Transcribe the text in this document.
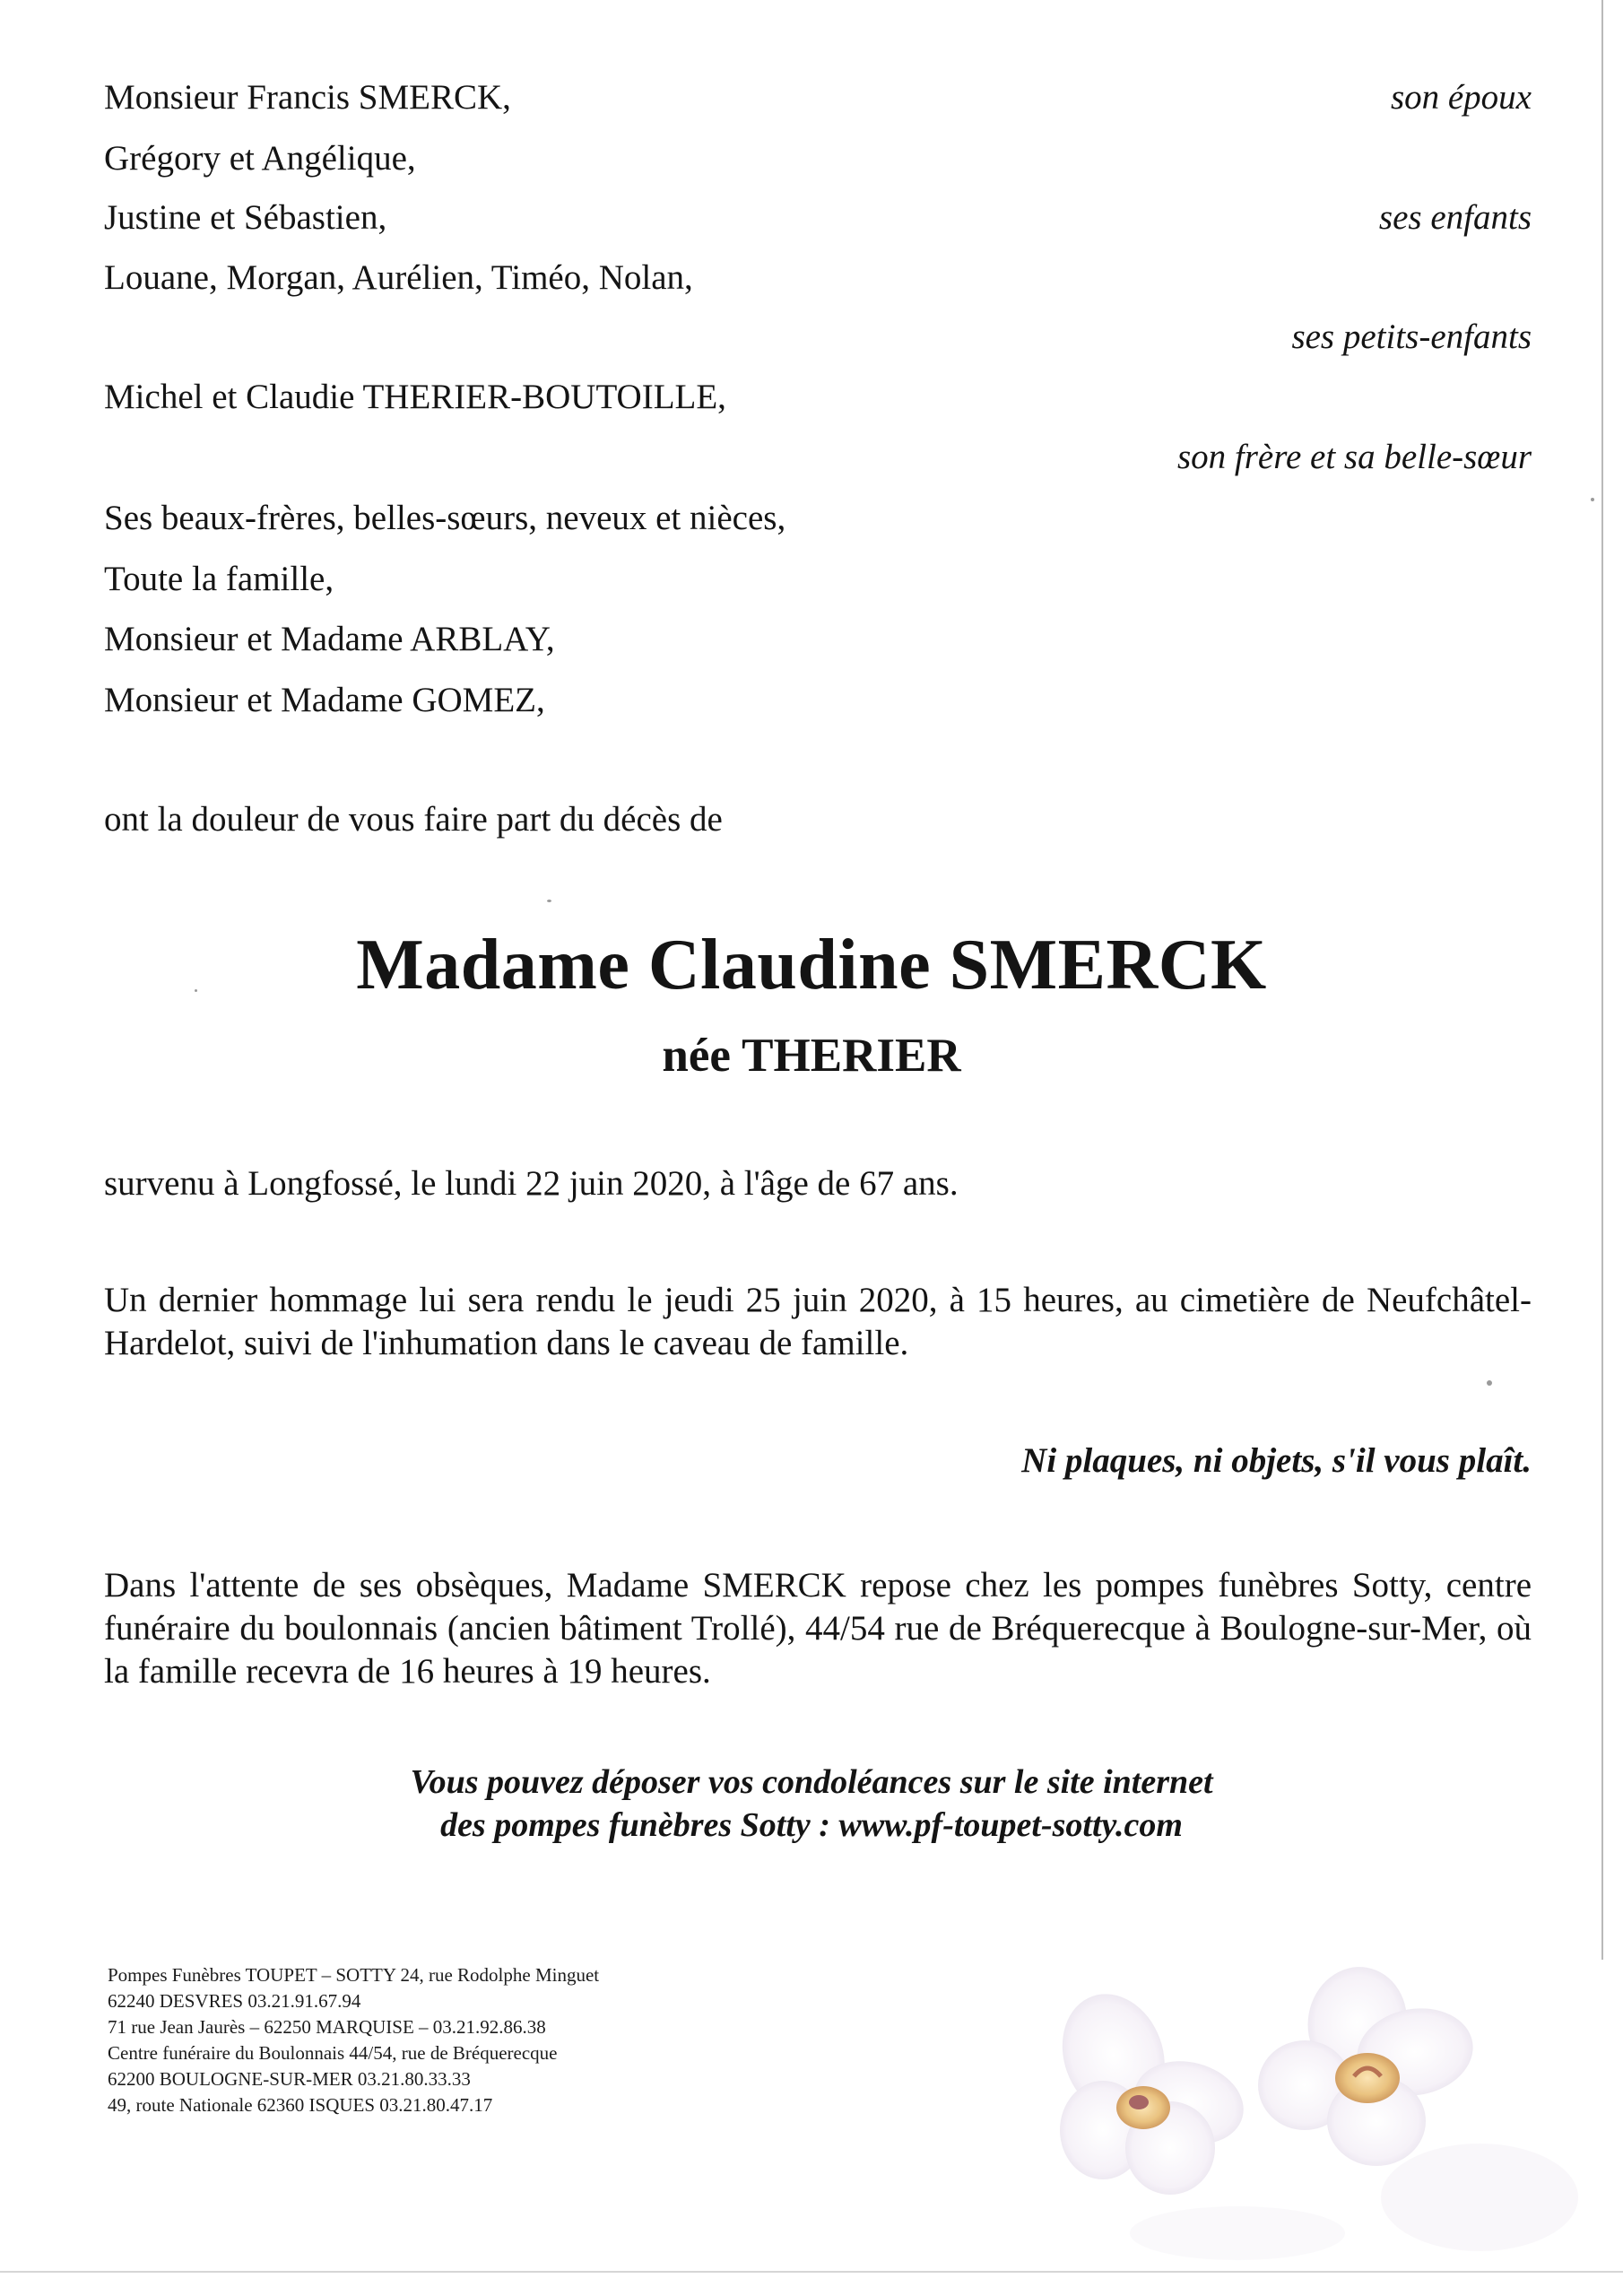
Monsieur Francis SMERCK,	son époux
Grégory et Angélique,
Justine et Sébastien,	ses enfants
Louane, Morgan, Aurélien, Timéo, Nolan,
ses petits-enfants
Michel et Claudie THERIER-BOUTOILLE,
son frère et sa belle-sœur
Ses beaux-frères, belles-sœurs, neveux et nièces,
Toute la famille,
Monsieur et Madame ARBLAY,
Monsieur et Madame GOMEZ,
ont la douleur de vous faire part du décès de
Madame Claudine SMERCK
née THERIER
survenu à Longfossé, le lundi 22 juin 2020, à l'âge de 67 ans.
Un dernier hommage lui sera rendu le jeudi 25 juin 2020, à 15 heures, au cimetière de Neufchâtel-Hardelot, suivi de l'inhumation dans le caveau de famille.
Ni plaques, ni objets, s'il vous plaît.
Dans l'attente de ses obsèques, Madame SMERCK repose chez les pompes funèbres Sotty, centre funéraire du boulonnais (ancien bâtiment Trollé), 44/54 rue de Bréquerecque à Boulogne-sur-Mer, où la famille recevra de 16 heures à 19 heures.
Vous pouvez déposer vos condoléances sur le site internet
des pompes funèbres Sotty : www.pf-toupet-sotty.com
Pompes Funèbres TOUPET – SOTTY 24, rue Rodolphe Minguet
62240 DESVRES 03.21.91.67.94
71 rue Jean Jaurès – 62250 MARQUISE – 03.21.92.86.38
Centre funéraire du Boulonnais 44/54, rue de Bréquerecque
62200 BOULOGNE-SUR-MER 03.21.80.33.33
49, route Nationale 62360 ISQUES 03.21.80.47.17
